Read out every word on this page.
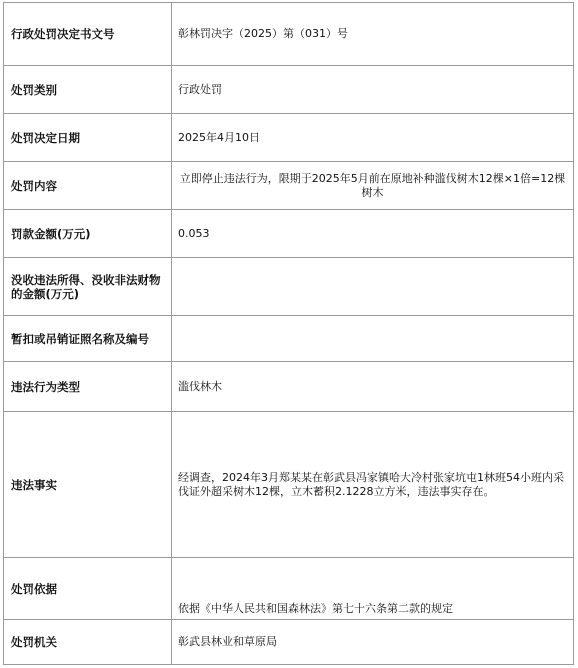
行政处罚决定书文号	彰林罚决字（2025）第（031）号
处罚类别	行政处罚
处罚决定日期	2025年4月10日
处罚内容	立即停止违法行为，限期于2025年5月前在原地补种滥伐树木12棵×1倍=12棵树木
罚款金额(万元)	0.053
没收违法所得、没收非法财物的金额(万元)	
暂扣或吊销证照名称及编号	
违法行为类型	滥伐林木
违法事实	经调查，2024年3月郑某某在彰武县冯家镇哈大冷村张家坑屯1林班54小班内采伐证外超采树木12棵，立木蓄积2.1228立方米，违法事实存在。
处罚依据	依据《中华人民共和国森林法》第七十六条第二款的规定
处罚机关	彰武县林业和草原局
